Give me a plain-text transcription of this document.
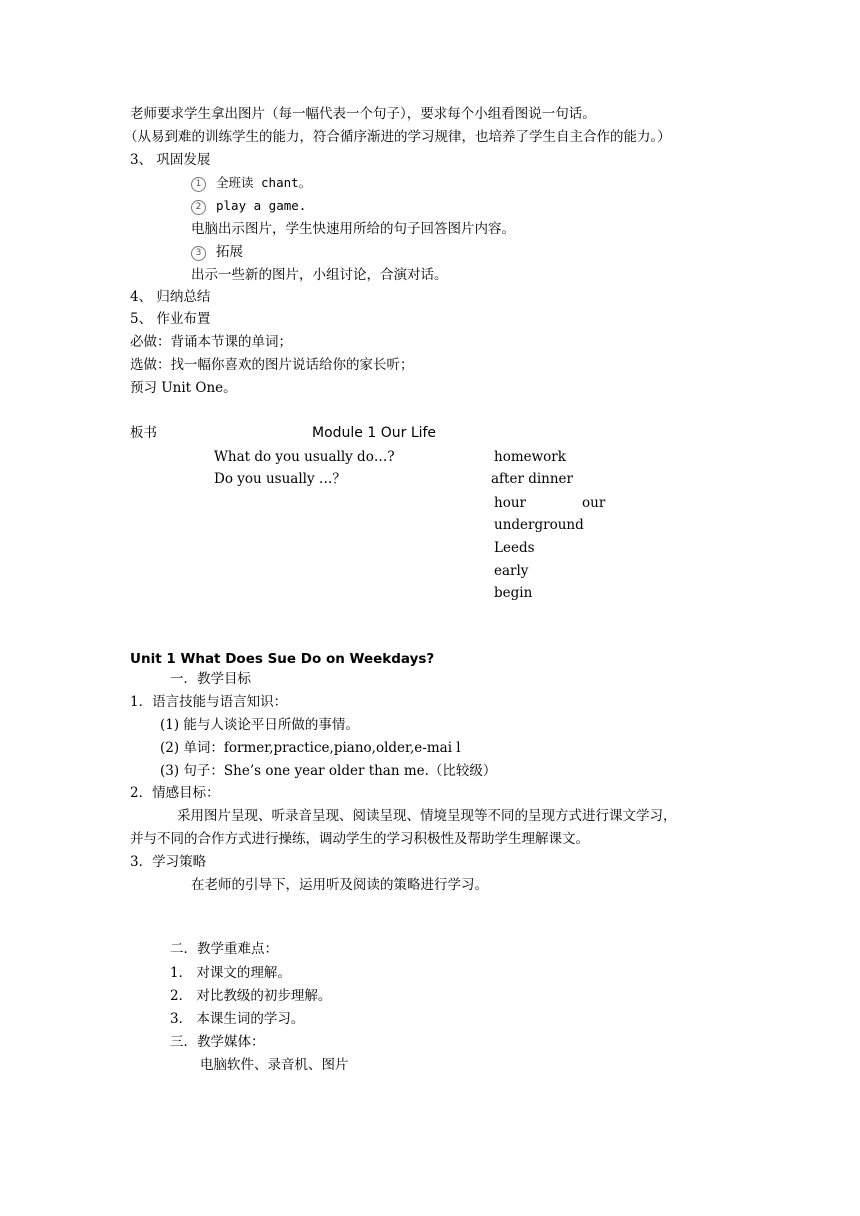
老师要求学生拿出图片（每一幅代表一个句子），要求每个小组看图说一句话。
（从易到难的训练学生的能力，符合循序渐进的学习规律，也培养了学生自主合作的能力。）
3、 巩固发展
1 全班读 chant。
2 play a game.
电脑出示图片，学生快速用所给的句子回答图片内容。
3 拓展
出示一些新的图片，小组讨论，合演对话。
4、 归纳总结
5、 作业布置
必做：背诵本节课的单词；
选做：找一幅你喜欢的图片说话给你的家长听；
预习 Unit One。
板书	Module 1 Our Life
What do you usually do…?
Do you usually …？
homework
after dinner
hour	our
underground
Leeds
early
begin
Unit 1 What Does Sue Do on Weekdays?
一．教学目标
1．语言技能与语言知识：
(1) 能与人谈论平日所做的事情。
(2) 单词：former,practice,piano,older,e-mai l
(3) 句子：She’s one year older than me.（比较级）
2．情感目标：
采用图片呈现、听录音呈现、阅读呈现、情境呈现等不同的呈现方式进行课文学习，
并与不同的合作方式进行操练，调动学生的学习积极性及帮助学生理解课文。
3．学习策略
在老师的引导下，运用听及阅读的策略进行学习。
二．教学重难点：
1． 对课文的理解。
2． 对比教级的初步理解。
3． 本课生词的学习。
三．教学媒体：
电脑软件、录音机、图片
